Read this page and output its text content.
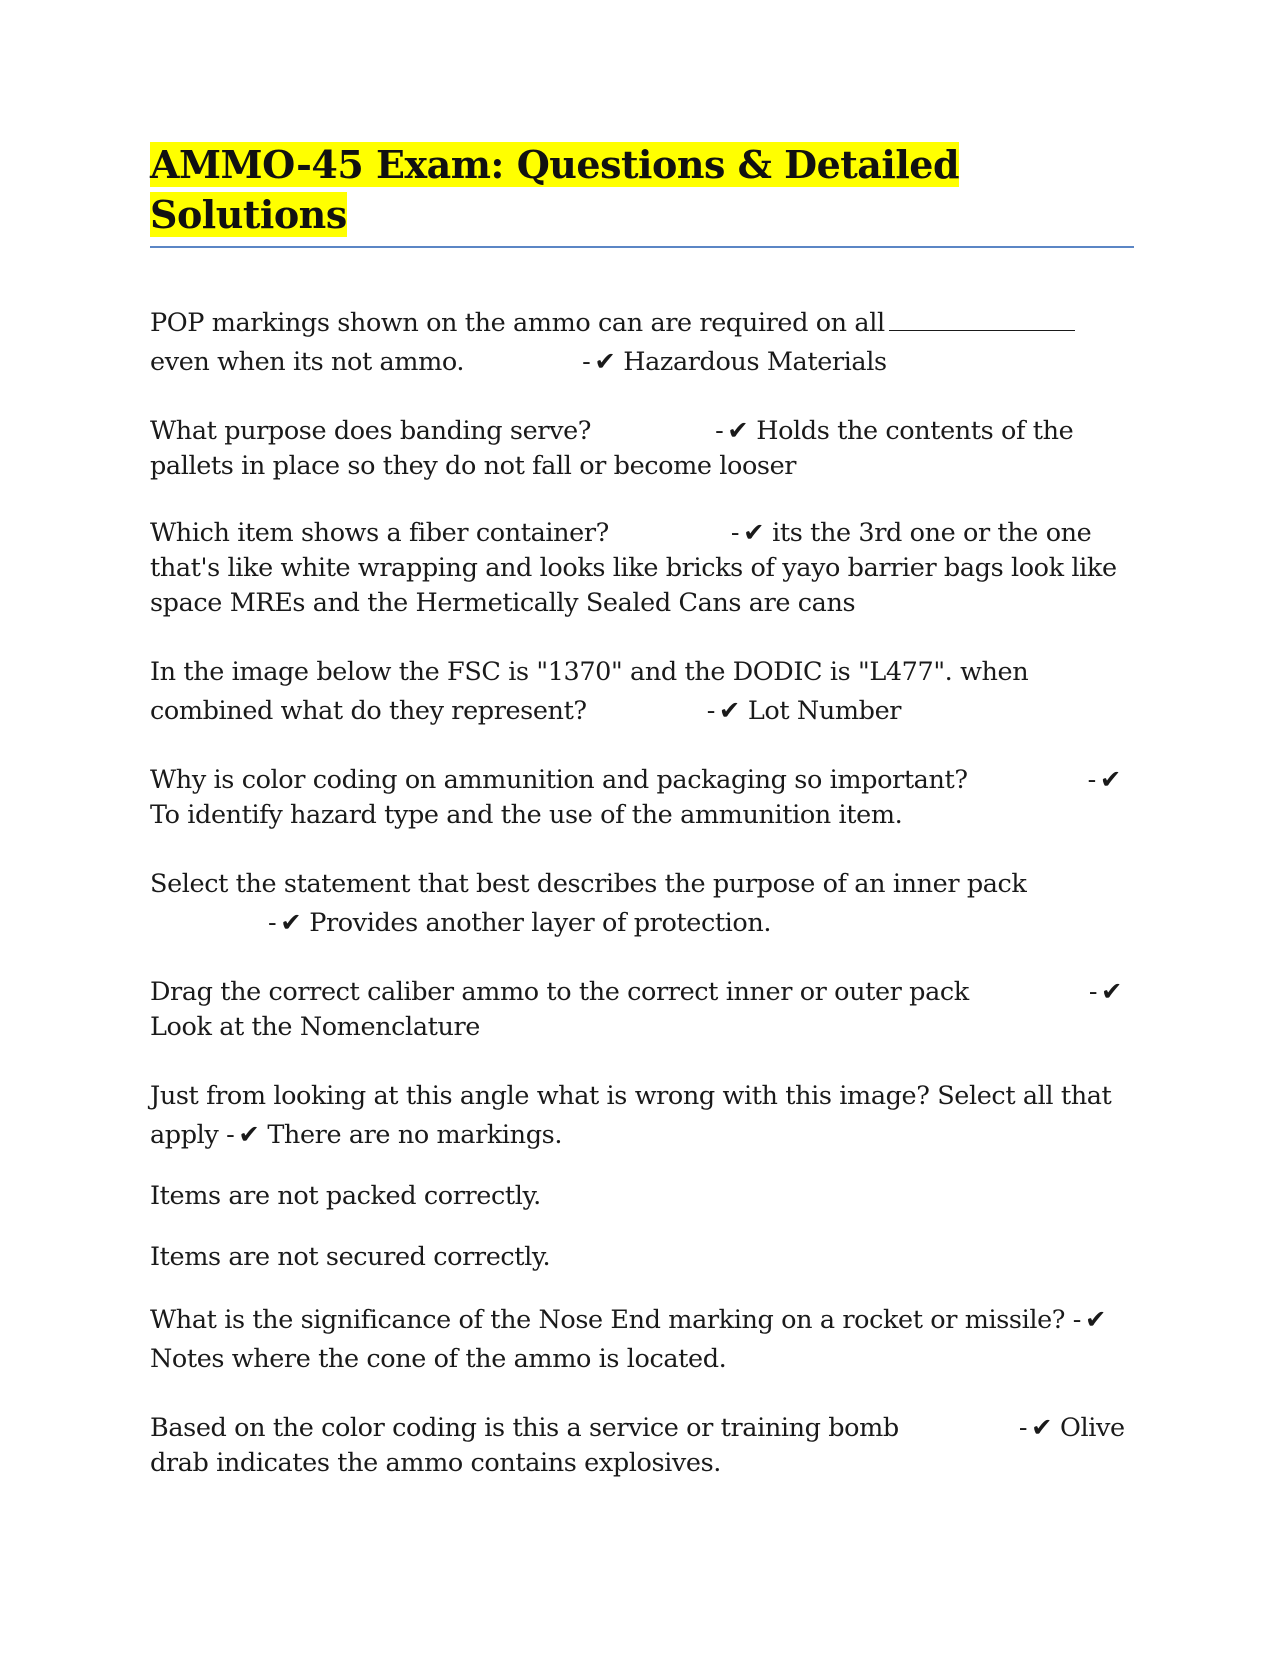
AMMO-45 Exam: Questions & Detailed Solutions
POP markings shown on the ammo can are required on alleven when its not ammo.	- ✔ Hazardous Materials
What purpose does banding serve?	- ✔ Holds the contents of the pallets in place so they do not fall or become looser
Which item shows a fiber container?	- ✔ its the 3rd one or the one that's like white wrapping and looks like bricks of yayo barrier bags look like space MREs and the Hermetically Sealed Cans are cans
In the image below the FSC is "1370" and the DODIC is "L477". when combined what do they represent?	- ✔ Lot Number
Why is color coding on ammunition and packaging so important?	- ✔To identify hazard type and the use of the ammunition item.
Select the statement that best describes the purpose of an inner pack- ✔ Provides another layer of protection.
Drag the correct caliber ammo to the correct inner or outer pack	- ✔Look at the Nomenclature
Just from looking at this angle what is wrong with this image? Select all that apply - ✔ There are no markings.
Items are not packed correctly.
Items are not secured correctly.
What is the significance of the Nose End marking on a rocket or missile? - ✔Notes where the cone of the ammo is located.
Based on the color coding is this a service or training bomb	- ✔ Olive drab indicates the ammo contains explosives.
